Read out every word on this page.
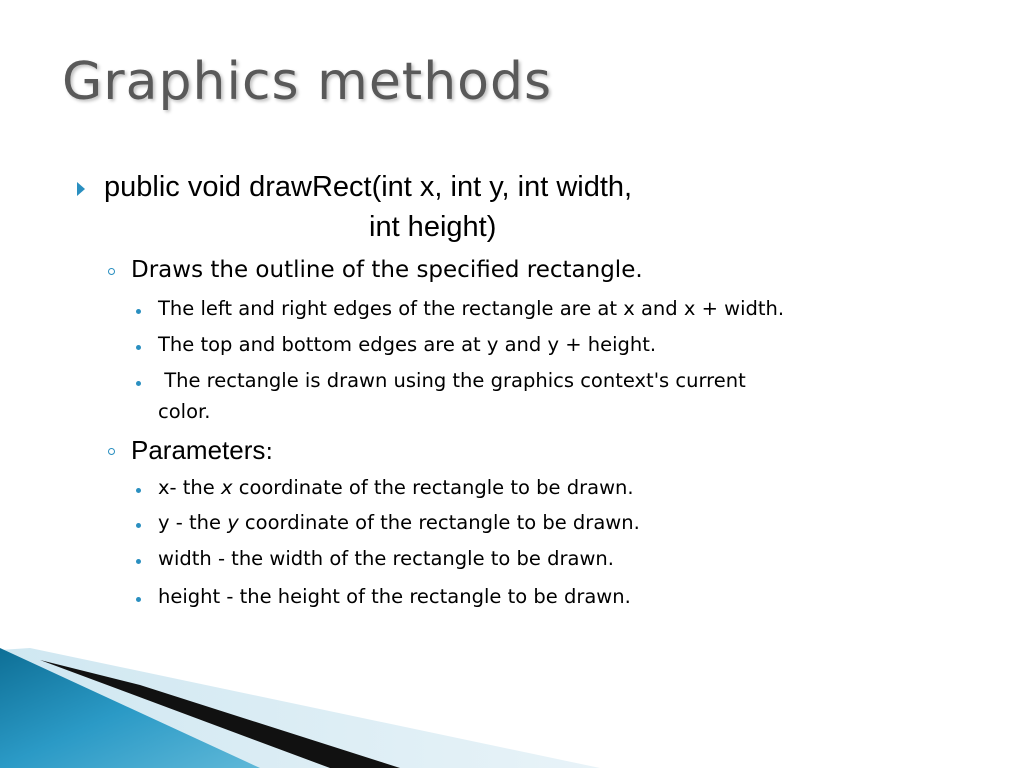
Graphics methods
public void drawRect(int x, int y, int width,
int height)
Draws the outline of the specified rectangle.
The left and right edges of the rectangle are at x and x + width.
The top and bottom edges are at y and y + height.
The rectangle is drawn using the graphics context's current
color.
Parameters:
x- the x coordinate of the rectangle to be drawn.
y - the y coordinate of the rectangle to be drawn.
width - the width of the rectangle to be drawn.
height - the height of the rectangle to be drawn.
